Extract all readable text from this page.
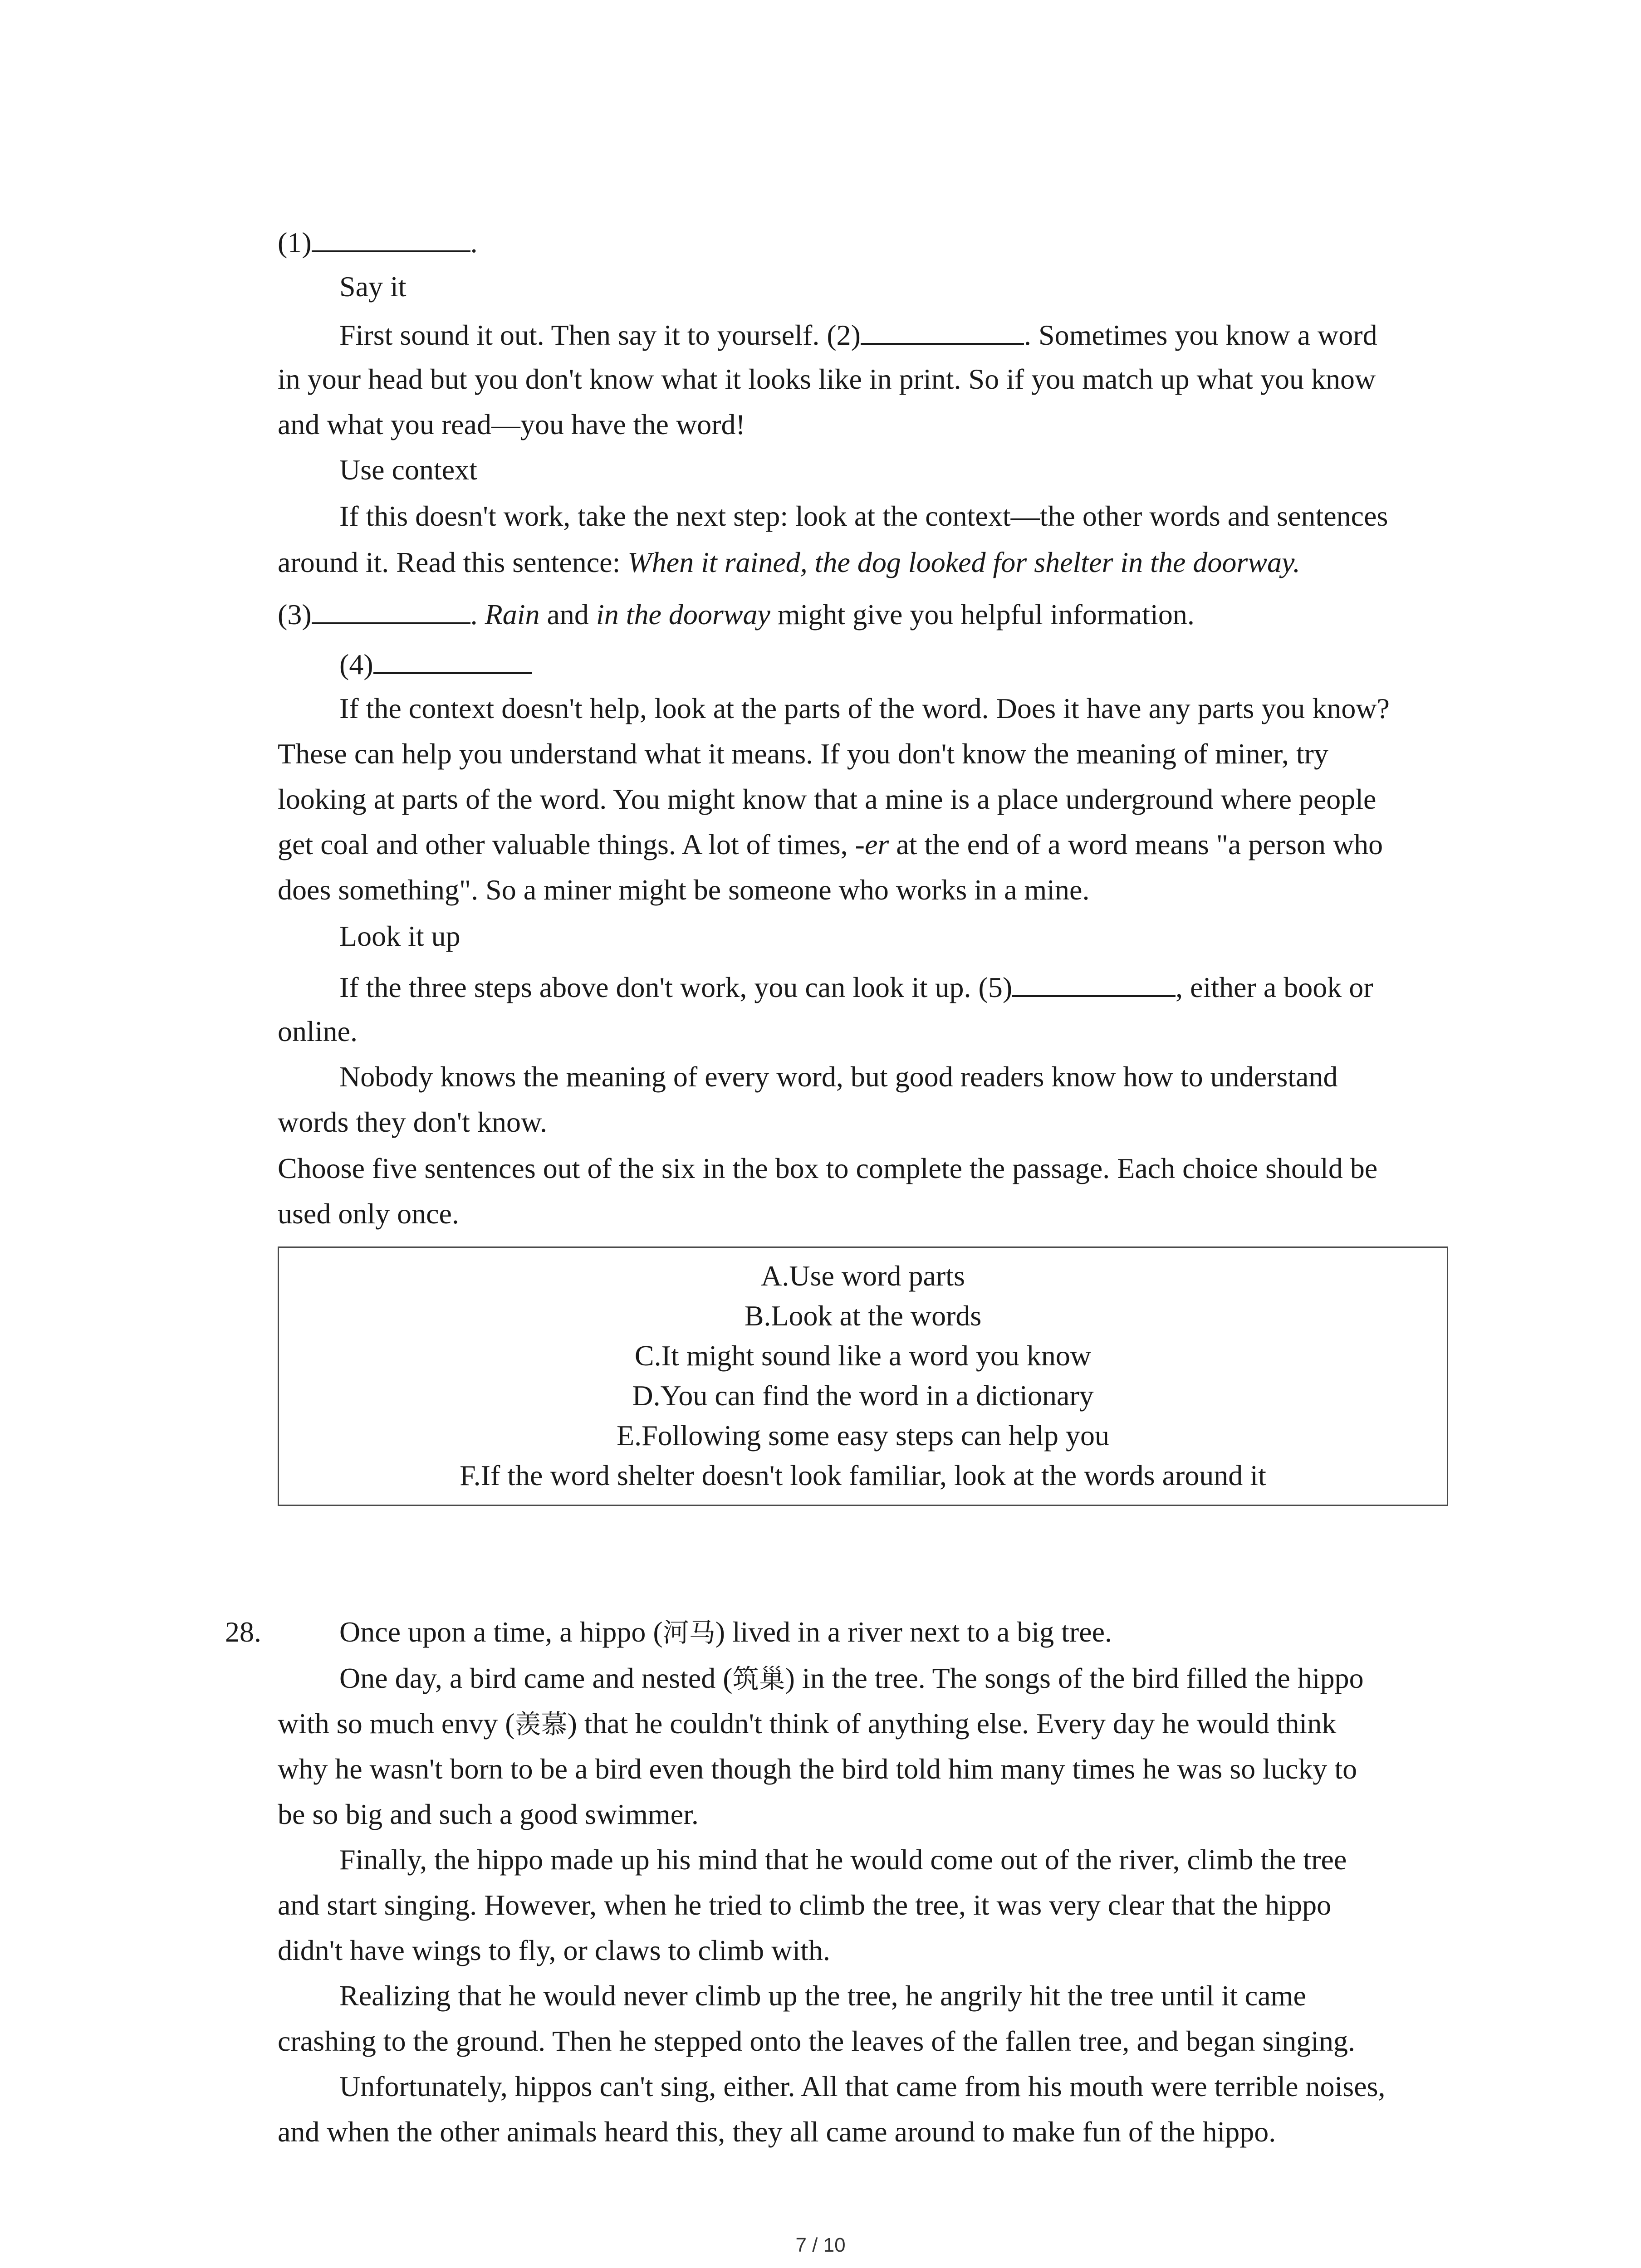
(1)	.
Say it
First sound it out. Then say it to yourself. (2)	. Sometimes you know a word
in your head but you don't know what it looks like in print. So if you match up what you know
and what you read—you have the word!
Use context
If this doesn't work, take the next step: look at the context—the other words and sentences
around it. Read this sentence: When it rained, the dog looked for shelter in the doorway.
(3)	. Rain and in the doorway might give you helpful information.
(4)
If the context doesn't help, look at the parts of the word. Does it have any parts you know?
These can help you understand what it means. If you don't know the meaning of miner, try
looking at parts of the word. You might know that a mine is a place underground where people
get coal and other valuable things. A lot of times, -er at the end of a word means "a person who
does something". So a miner might be someone who works in a mine.
Look it up
If the three steps above don't work, you can look it up. (5)	, either a book or
online.
Nobody knows the meaning of every word, but good readers know how to understand
words they don't know.
Choose five sentences out of the six in the box to complete the passage. Each choice should be
used only once.
A.Use word parts
B.Look at the words
C.It might sound like a word you know
D.You can find the word in a dictionary
E.Following some easy steps can help you
F.If the word shelter doesn't look familiar, look at the words around it
28.	Once upon a time, a hippo (河马) lived in a river next to a big tree.
One day, a bird came and nested (筑巢) in the tree. The songs of the bird filled the hippo
with so much envy (羡慕) that he couldn't think of anything else. Every day he would think
why he wasn't born to be a bird even though the bird told him many times he was so lucky to
be so big and such a good swimmer.
Finally, the hippo made up his mind that he would come out of the river, climb the tree
and start singing. However, when he tried to climb the tree, it was very clear that the hippo
didn't have wings to fly, or claws to climb with.
Realizing that he would never climb up the tree, he angrily hit the tree until it came
crashing to the ground. Then he stepped onto the leaves of the fallen tree, and began singing.
Unfortunately, hippos can't sing, either. All that came from his mouth were terrible noises,
and when the other animals heard this, they all came around to make fun of the hippo.
7 / 10
